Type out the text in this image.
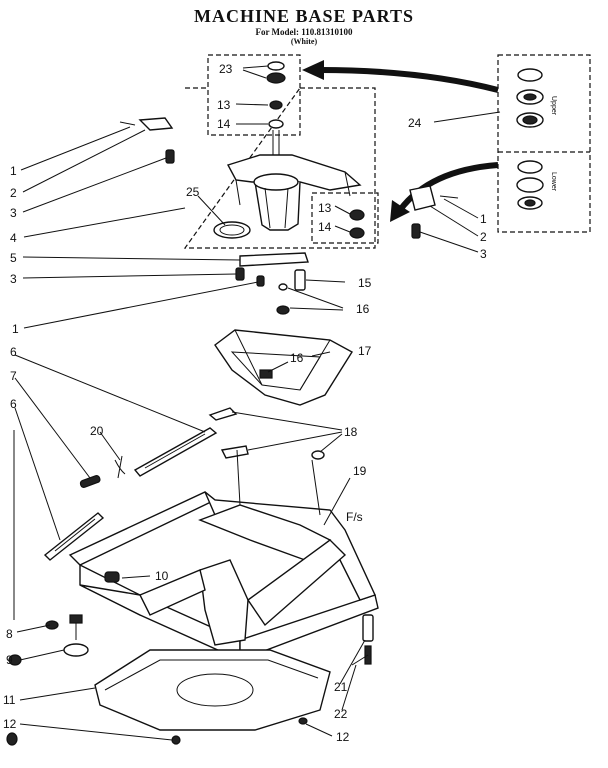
MACHINE BASE PARTS
For Model: 110.81310100
(White)
Upper
Lower
23
13
14	24
1
2
3
4
25
5
3
1
13
14
1
2
3
15
16
16	17
6
7
6
20	18
19
F/s
10
8
9
11
12
21
22
12
